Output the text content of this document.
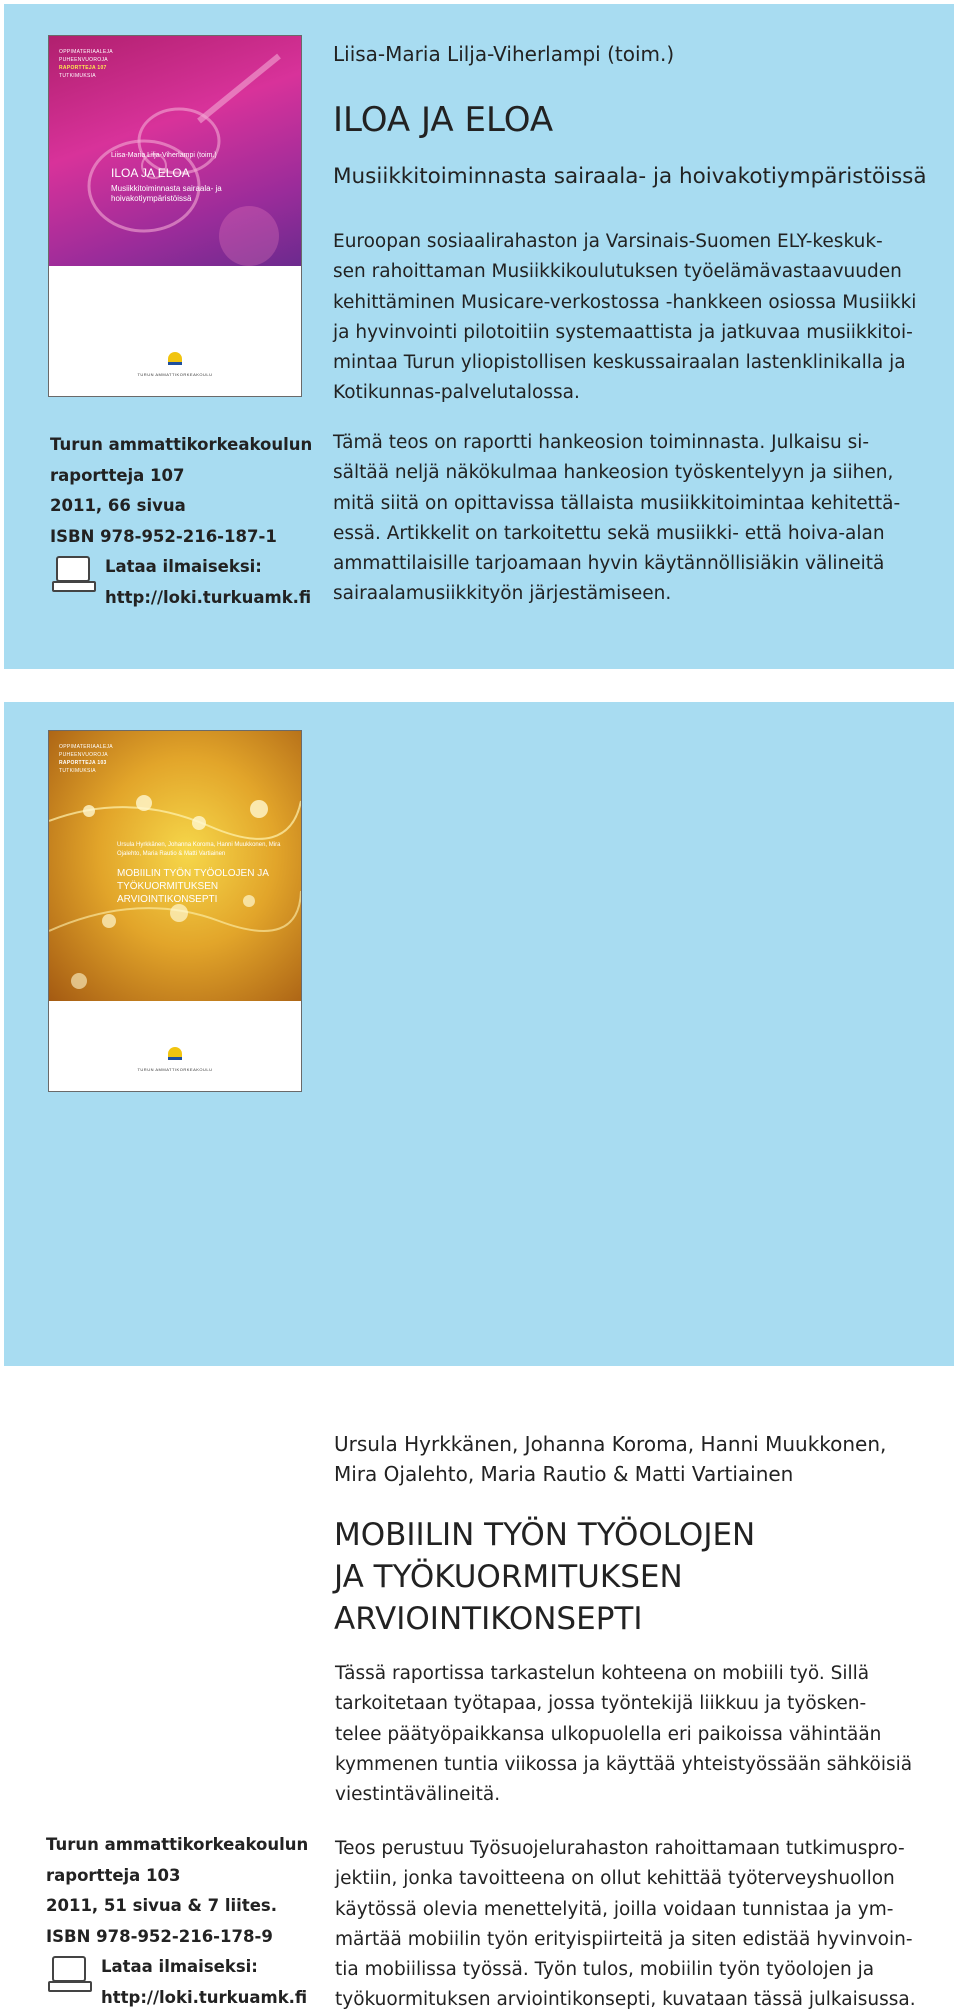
OPPIMATERIAALEJA
PUHEENVUOROJA
RAPORTTEJA 107
TUTKIMUKSIA
Liisa-Maria Lilja-Viherlampi (toim.)
ILOA JA ELOA
Musiikkitoiminnasta sairaala- ja hoivakotiympäristöissä
TURUN AMMATTIKORKEAKOULU
Turun ammattikorkeakoulun
raportteja 107
2011, 66 sivua
ISBN 978-952-216-187-1
Lataa ilmaiseksi:
http://loki.turkuamk.fi
Liisa-Maria Lilja-Viherlampi (toim.)
ILOA JA ELOA
Musiikkitoiminnasta sairaala- ja hoivakotiympäristöissä
Euroopan sosiaalirahaston ja Varsinais-Suomen ELY-keskuk-
sen rahoittaman Musiikkikoulutuksen työelämävastaavuuden
kehittäminen Musicare-verkostossa -hankkeen osiossa Musiikki
ja hyvinvointi pilotoitiin systemaattista ja jatkuvaa musiikkitoi-
mintaa Turun yliopistollisen keskussairaalan lastenklinikalla ja
Kotikunnas-palvelutalossa.
Tämä teos on raportti hankeosion toiminnasta. Julkaisu si-
sältää neljä näkökulmaa hankeosion työskentelyyn ja siihen,
mitä siitä on opittavissa tällaista musiikkitoimintaa kehitettä-
essä. Artikkelit on tarkoitettu sekä musiikki- että hoiva-alan
ammattilaisille tarjoamaan hyvin käytännöllisiäkin välineitä
sairaalamusiikkityön järjestämiseen.
OPPIMATERIAALEJA
PUHEENVUOROJA
RAPORTTEJA 103
TUTKIMUKSIA
Ursula Hyrkkänen, Johanna Koroma, Hanni Muukkonen, Mira Ojalehto, Maria Rautio & Matti Vartiainen
MOBIILIN TYÖN TYÖOLOJEN JA TYÖKUORMITUKSEN ARVIOINTIKONSEPTI
TURUN AMMATTIKORKEAKOULU
Turun ammattikorkeakoulun
raportteja 103
2011, 51 sivua & 7 liites.
ISBN 978-952-216-178-9
Lataa ilmaiseksi:
http://loki.turkuamk.fi
Ursula Hyrkkänen, Johanna Koroma, Hanni Muukkonen,
Mira Ojalehto, Maria Rautio & Matti Vartiainen
MOBIILIN TYÖN TYÖOLOJEN
JA TYÖKUORMITUKSEN
ARVIOINTIKONSEPTI
Tässä raportissa tarkastelun kohteena on mobiili työ. Sillä
tarkoitetaan työtapaa, jossa työntekijä liikkuu ja työsken-
telee päätyöpaikkansa ulkopuolella eri paikoissa vähintään
kymmenen tuntia viikossa ja käyttää yhteistyössään sähköisiä
viestintävälineitä.
Teos perustuu Työsuojelurahaston rahoittamaan tutkimuspro-
jektiin, jonka tavoitteena on ollut kehittää työterveyshuollon
käytössä olevia menettelyitä, joilla voidaan tunnistaa ja ym-
märtää mobiilin työn erityispiirteitä ja siten edistää hyvinvoin-
tia mobiilissa työssä. Työn tulos, mobiilin työn työolojen ja
työkuormituksen arviointikonsepti, kuvataan tässä julkaisussa.
